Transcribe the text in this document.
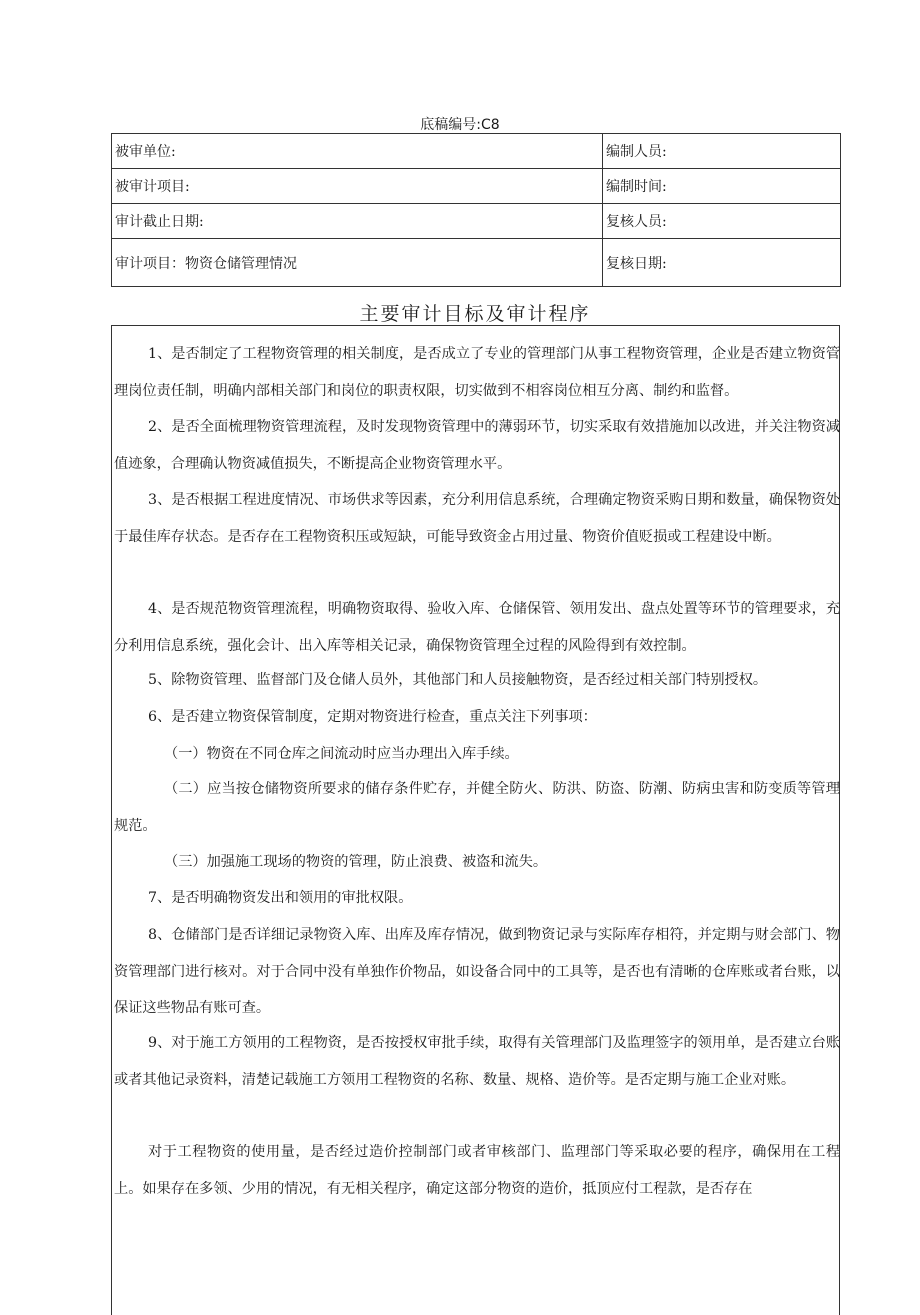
底稿编号:C8
被审单位:	编制人员:
被审计项目:	编制时间:
审计截止日期:	复核人员:
审计项目：物资仓储管理情况	复核日期:
主要审计目标及审计程序

1、是否制定了工程物资管理的相关制度，是否成立了专业的管理部门从事工程物资管理，企业是否建立物资管理岗位责任制，明确内部相关部门和岗位的职责权限，切实做到不相容岗位相互分离、制约和监督。

2、是否全面梳理物资管理流程，及时发现物资管理中的薄弱环节，切实采取有效措施加以改进，并关注物资减值迹象，合理确认物资减值损失，不断提高企业物资管理水平。

3、是否根据工程进度情况、市场供求等因素，充分利用信息系统，合理确定物资采购日期和数量，确保物资处于最佳库存状态。是否存在工程物资积压或短缺，可能导致资金占用过量、物资价值贬损或工程建设中断。

4、是否规范物资管理流程，明确物资取得、验收入库、仓储保管、领用发出、盘点处置等环节的管理要求，充分利用信息系统，强化会计、出入库等相关记录，确保物资管理全过程的风险得到有效控制。

5、除物资管理、监督部门及仓储人员外，其他部门和人员接触物资，是否经过相关部门特别授权。

6、是否建立物资保管制度，定期对物资进行检查，重点关注下列事项：

（一）物资在不同仓库之间流动时应当办理出入库手续。

（二）应当按仓储物资所要求的储存条件贮存，并健全防火、防洪、防盗、防潮、防病虫害和防变质等管理规范。

（三）加强施工现场的物资的管理，防止浪费、被盗和流失。

7、是否明确物资发出和领用的审批权限。

8、仓储部门是否详细记录物资入库、出库及库存情况，做到物资记录与实际库存相符，并定期与财会部门、物资管理部门进行核对。对于合同中没有单独作价物品，如设备合同中的工具等，是否也有清晰的仓库账或者台账，以保证这些物品有账可查。

9、对于施工方领用的工程物资，是否按授权审批手续，取得有关管理部门及监理签字的领用单，是否建立台账或者其他记录资料，清楚记载施工方领用工程物资的名称、数量、规格、造价等。是否定期与施工企业对账。

对于工程物资的使用量，是否经过造价控制部门或者审核部门、监理部门等采取必要的程序，确保用在工程上。如果存在多领、少用的情况，有无相关程序，确定这部分物资的造价，抵顶应付工程款，是否存在
